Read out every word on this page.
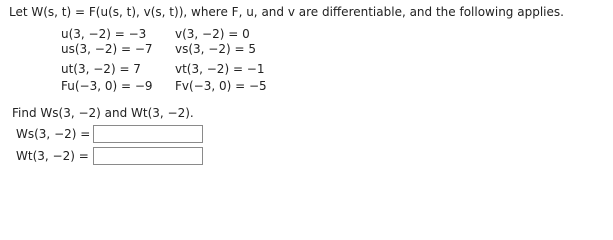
Let W(s, t) = F(u(s, t), v(s, t)), where F, u, and v are differentiable, and the following applies.
u(3, −2) = −3 v(3, −2) = 0
us(3, −2) = −7 vs(3, −2) = 5
ut(3, −2) = 7	vt(3, −2) = −1
Fu(−3, 0) = −9 Fv(−3, 0) = −5
Find Ws(3, −2) and Wt(3, −2).
Ws(3, −2) =
Wt(3, −2) =
